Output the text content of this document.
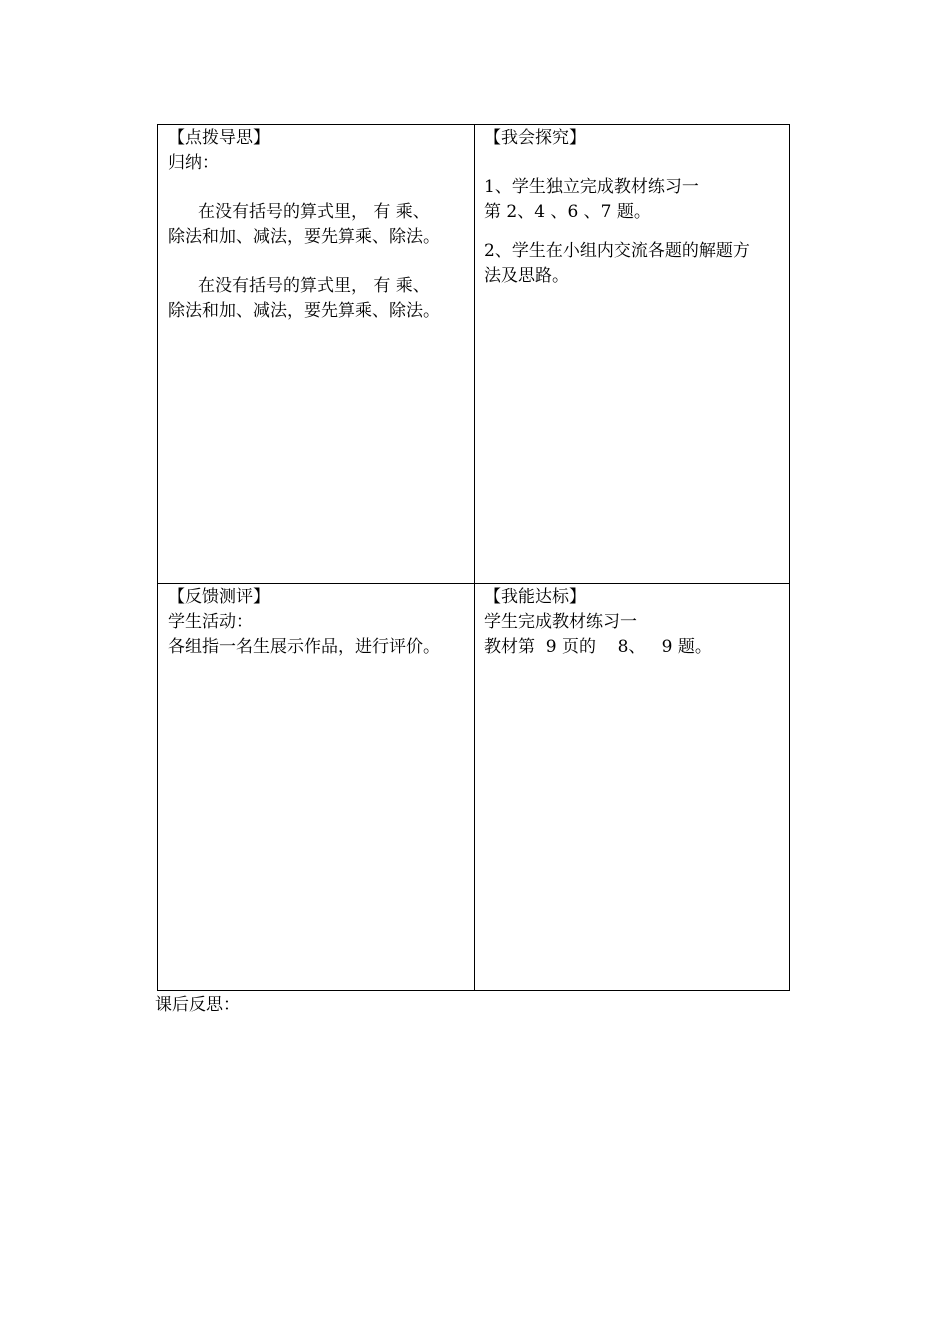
【点拨导思】

归纳：

在没有括号的算式里， 有 乘、

除法和加、减法，要先算乘、除法。

在没有括号的算式里， 有 乘、

除法和加、减法，要先算乘、除法。

【我会探究】

1、学生独立完成教材练习一

第 2、4 、6 、7 题。

2、学生在小组内交流各题的解题方

法及思路。

【反馈测评】

学生活动：

各组指一名生展示作品，进行评价。

【我能达标】

学生完成教材练习一

教材第  9 页的    8、   9 题。

课后反思：
